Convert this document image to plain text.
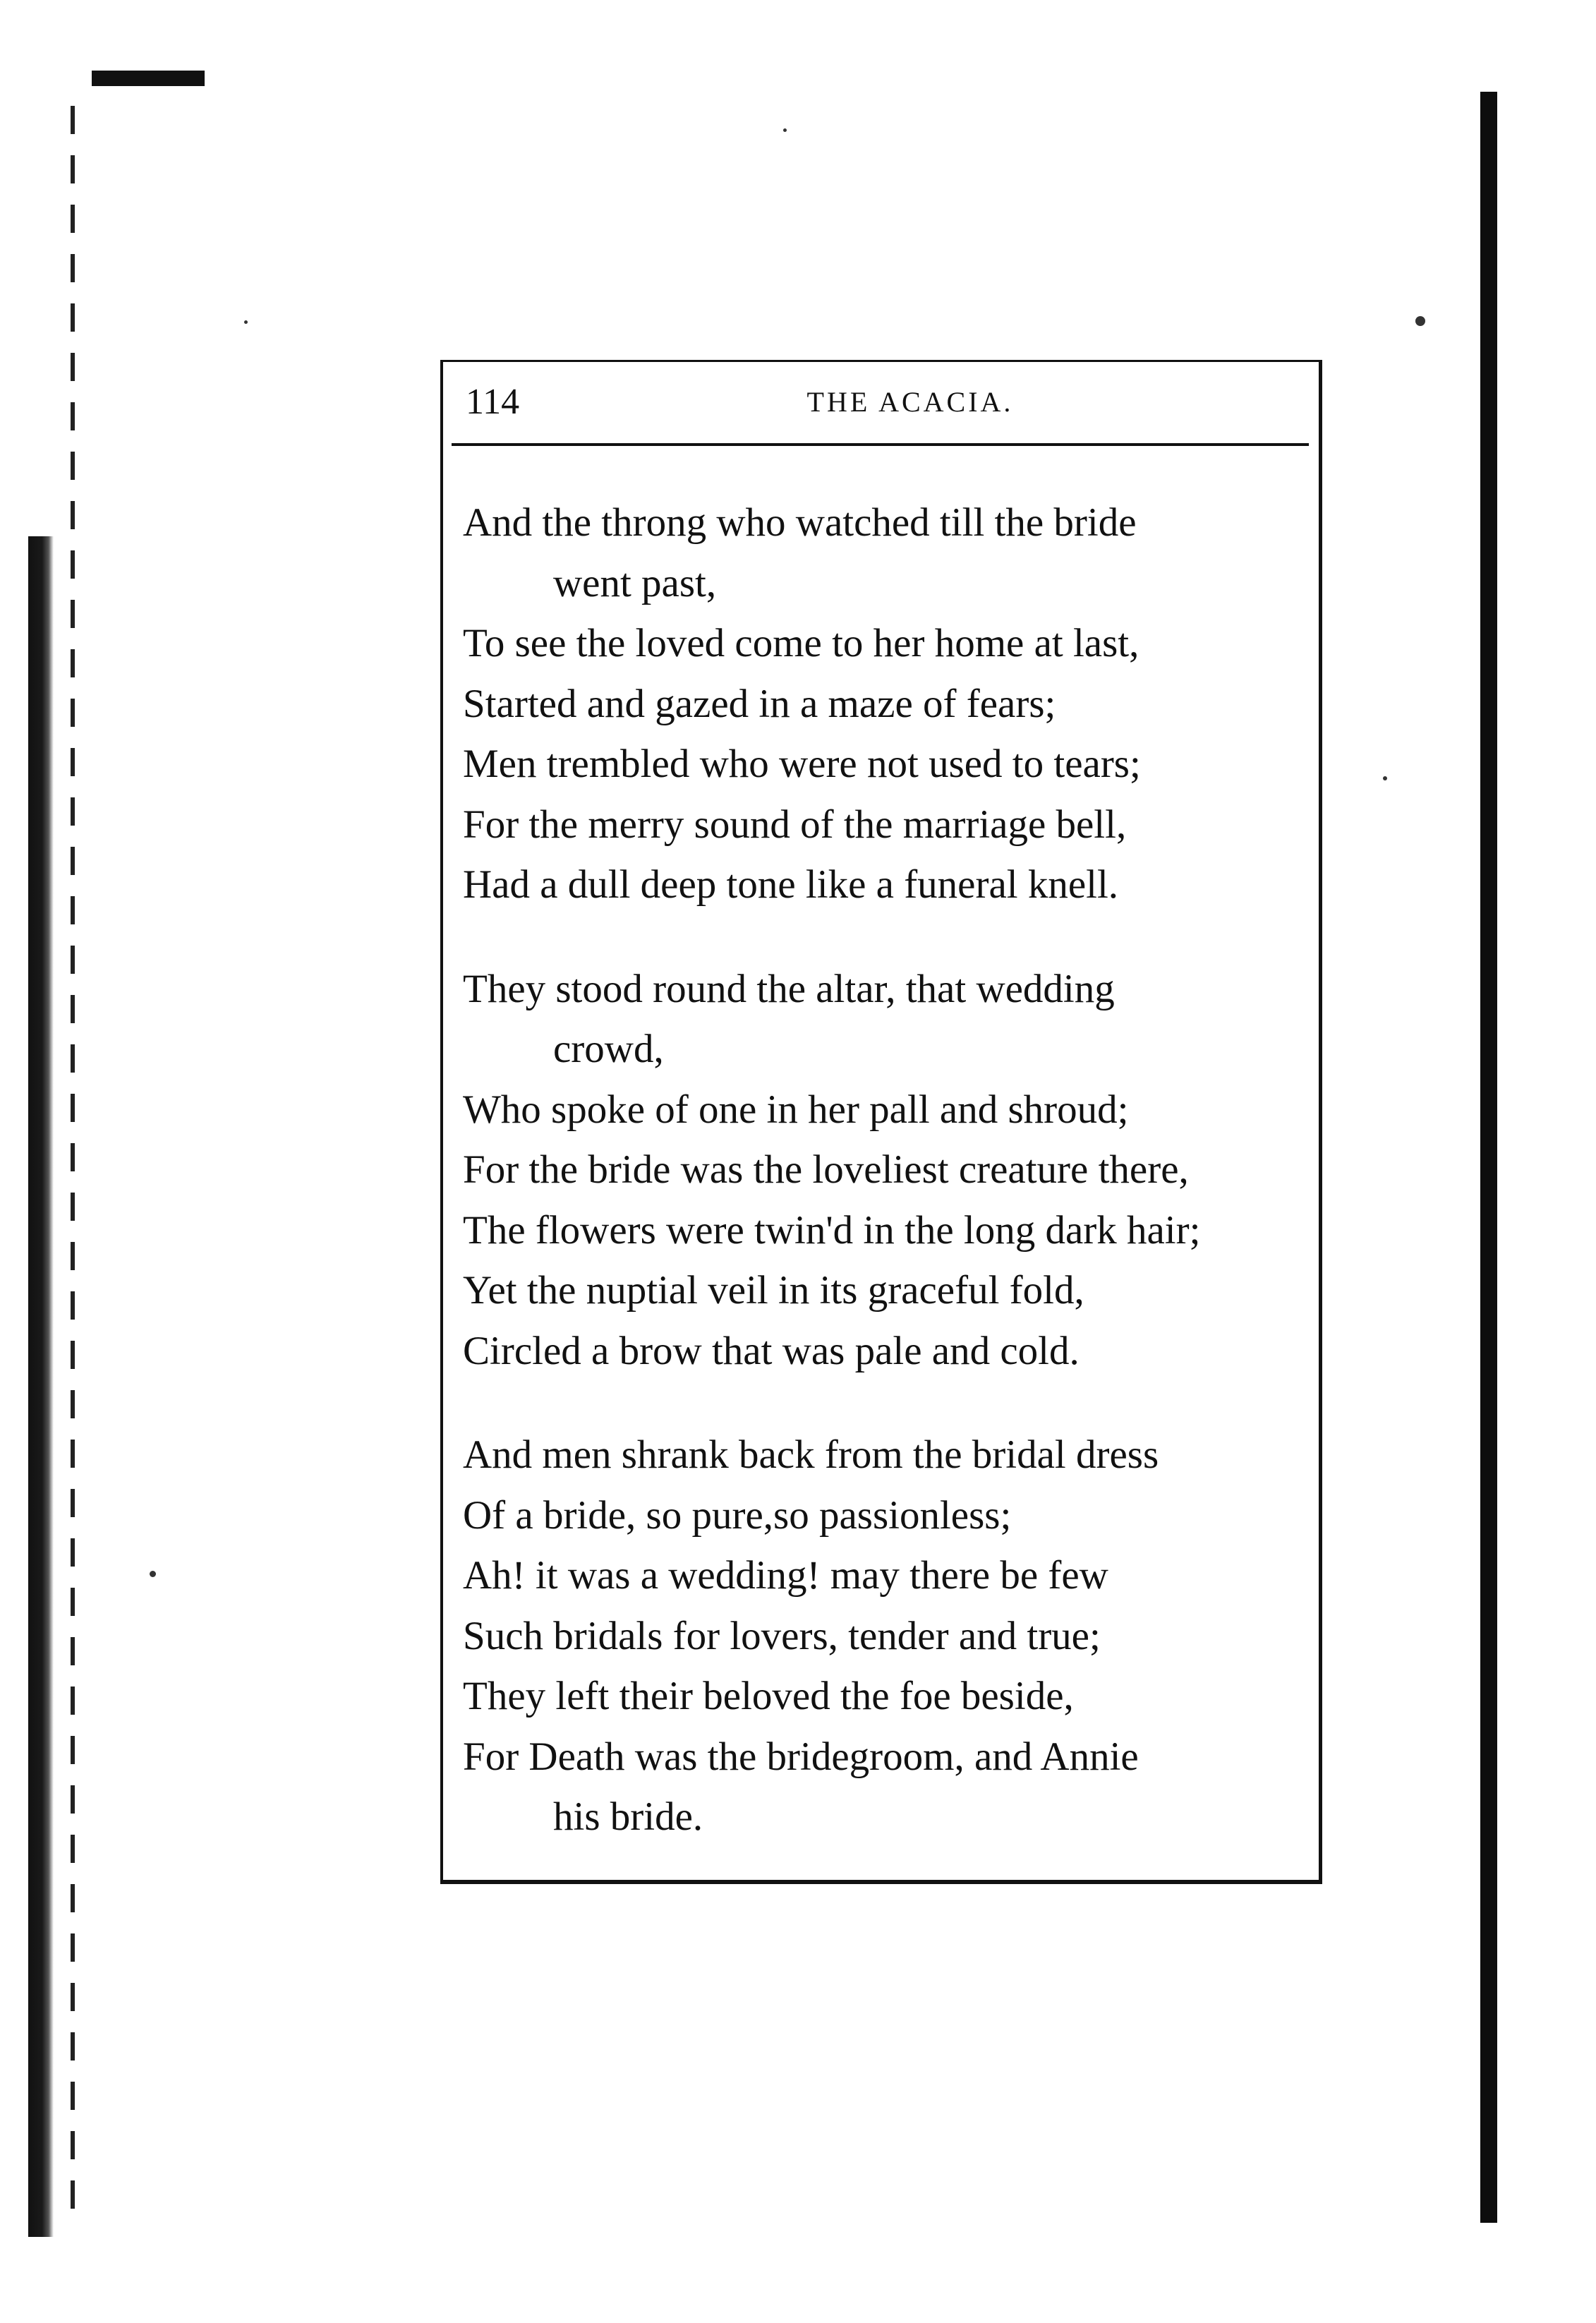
114	THE ACACIA.
And the throng who watched till the bride
went past,
To see the loved come to her home at last,
Started and gazed in a maze of fears;
Men trembled who were not used to tears;
For the merry sound of the marriage bell,
Had a dull deep tone like a funeral knell.
They stood round the altar, that wedding
crowd,
Who spoke of one in her pall and shroud;
For the bride was the loveliest creature there,
The flowers were twin'd in the long dark hair;
Yet the nuptial veil in its graceful fold,
Circled a brow that was pale and cold.
And men shrank back from the bridal dress
Of a bride, so pure,so passionless;
Ah! it was a wedding! may there be few
Such bridals for lovers, tender and true;
They left their beloved the foe beside,
For Death was the bridegroom, and Annie
his bride.
